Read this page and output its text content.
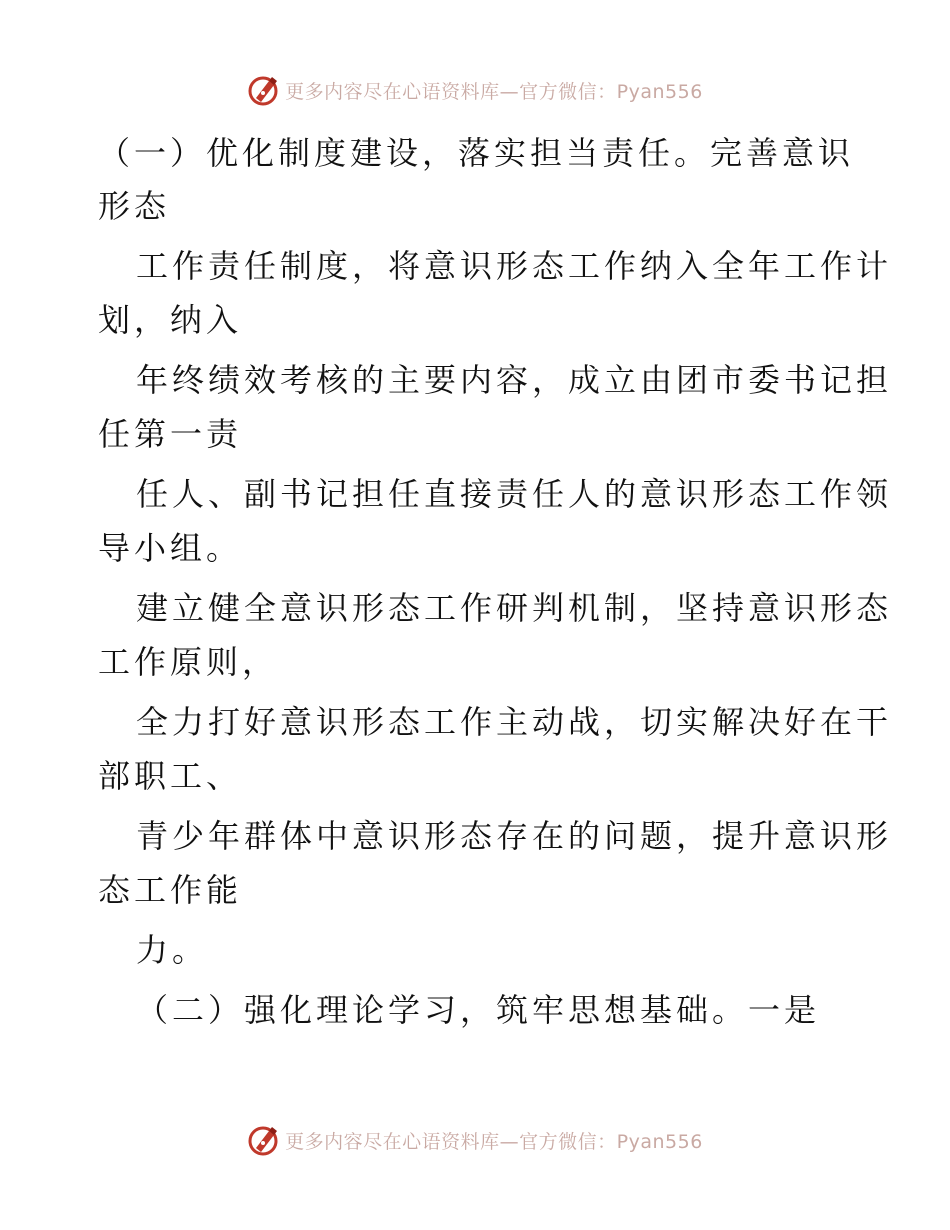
更多内容尽在心语资料库—官方微信：Pyan556
（一）优化制度建设，落实担当责任。完善意识
形态
工作责任制度，将意识形态工作纳入全年工作计
划，纳入
年终绩效考核的主要内容，成立由团市委书记担
任第一责
任人、副书记担任直接责任人的意识形态工作领
导小组。
建立健全意识形态工作研判机制，坚持意识形态
工作原则，
全力打好意识形态工作主动战，切实解决好在干
部职工、
青少年群体中意识形态存在的问题，提升意识形
态工作能
力。
（二）强化理论学习，筑牢思想基础。一是
更多内容尽在心语资料库—官方微信：Pyan556
